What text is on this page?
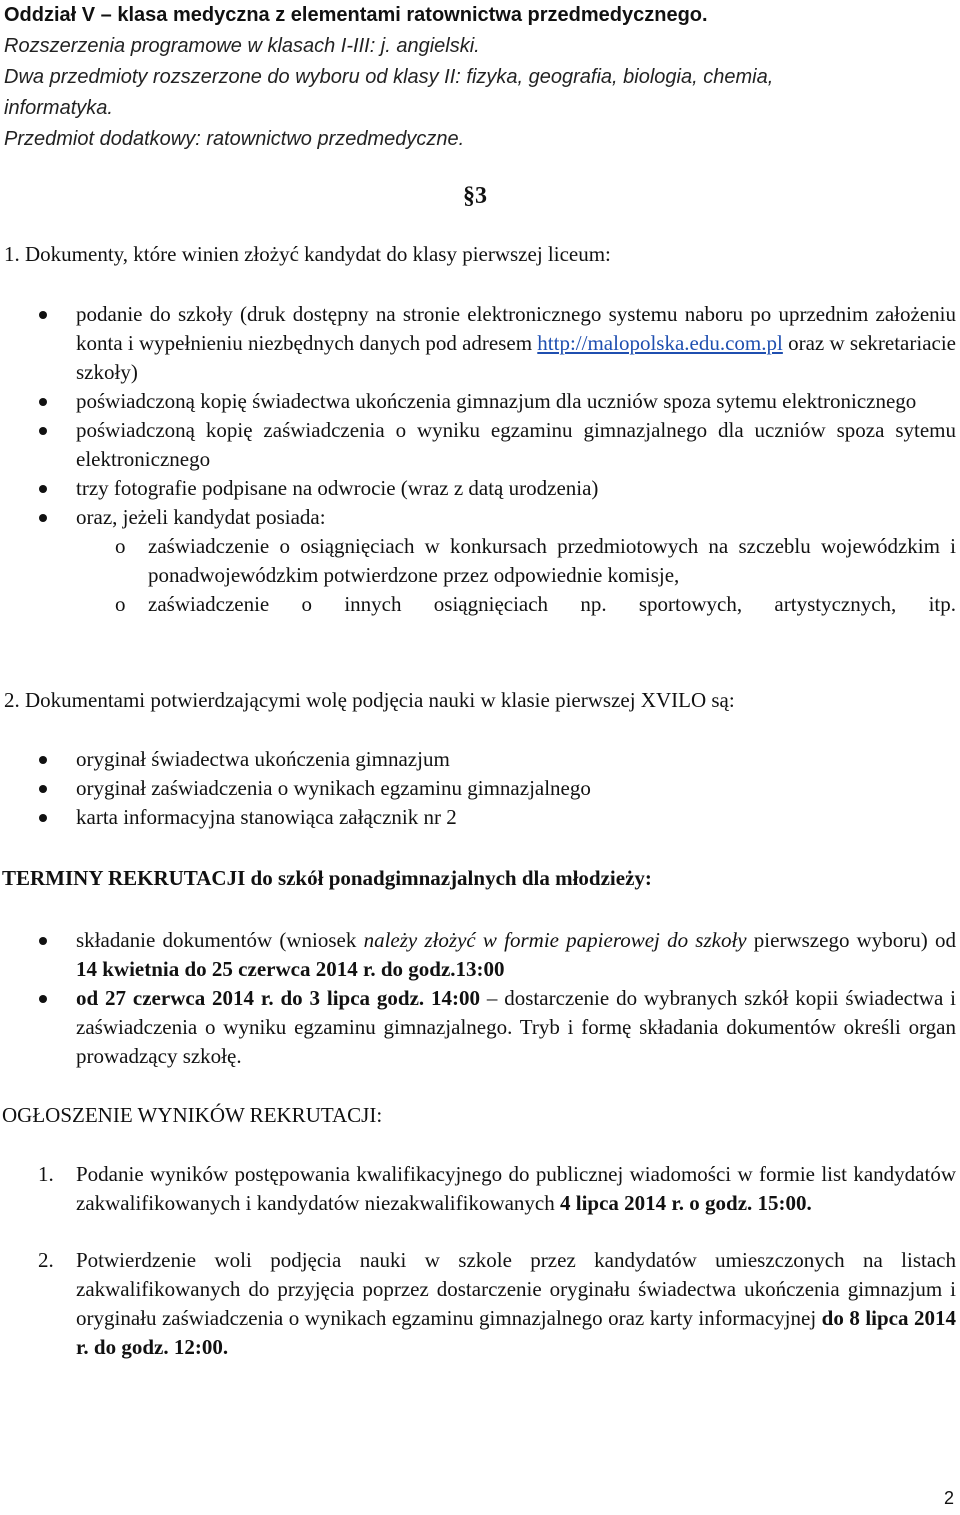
Oddział V – klasa medyczna z elementami ratownictwa przedmedycznego.
Rozszerzenia programowe w klasach I-III: j. angielski.
Dwa przedmioty rozszerzone do wyboru od klasy II: fizyka, geografia, biologia, chemia,
informatyka.
Przedmiot dodatkowy: ratownictwo przedmedyczne.
§3
1. Dokumenty, które winien złożyć kandydat do klasy pierwszej liceum:
podanie do szkoły (druk dostępny na stronie elektronicznego systemu naboru po uprzednim założeniu konta i wypełnieniu niezbędnych danych pod adresem http://malopolska.edu.com.pl oraz w sekretariacie szkoły)
poświadczoną kopię świadectwa ukończenia gimnazjum dla uczniów spoza sytemu elektronicznego
poświadczoną kopię zaświadczenia o wyniku egzaminu gimnazjalnego dla uczniów spoza sytemu elektronicznego
trzy fotografie podpisane na odwrocie (wraz z datą urodzenia)
oraz, jeżeli kandydat posiada:
o zaświadczenie o osiągnięciach w konkursach przedmiotowych na szczeblu wojewódzkim i ponadwojewódzkim potwierdzone przez odpowiednie komisje,
o zaświadczenie o innych osiągnięciach np. sportowych, artystycznych, itp.
2. Dokumentami potwierdzającymi wolę podjęcia nauki w klasie pierwszej XVILO są:
oryginał świadectwa ukończenia gimnazjum
oryginał zaświadczenia o wynikach egzaminu gimnazjalnego
karta informacyjna stanowiąca załącznik nr 2
TERMINY REKRUTACJI do szkół ponadgimnazjalnych dla młodzieży:
składanie dokumentów (wniosek należy złożyć w formie papierowej do szkoły pierwszego wyboru) od 14 kwietnia do 25 czerwca 2014 r. do godz.13:00
od 27 czerwca 2014 r. do 3 lipca godz. 14:00 – dostarczenie do wybranych szkół kopii świadectwa i zaświadczenia o wyniku egzaminu gimnazjalnego. Tryb i formę składania dokumentów określi organ prowadzący szkołę.
OGŁOSZENIE WYNIKÓW REKRUTACJI:
1. Podanie wyników postępowania kwalifikacyjnego do publicznej wiadomości w formie list kandydatów zakwalifikowanych i kandydatów niezakwalifikowanych 4 lipca 2014 r. o godz. 15:00.
2. Potwierdzenie woli podjęcia nauki w szkole przez kandydatów umieszczonych na listach zakwalifikowanych do przyjęcia poprzez dostarczenie oryginału świadectwa ukończenia gimnazjum i oryginału zaświadczenia o wynikach egzaminu gimnazjalnego oraz karty informacyjnej do 8 lipca 2014 r. do godz. 12:00.
2
